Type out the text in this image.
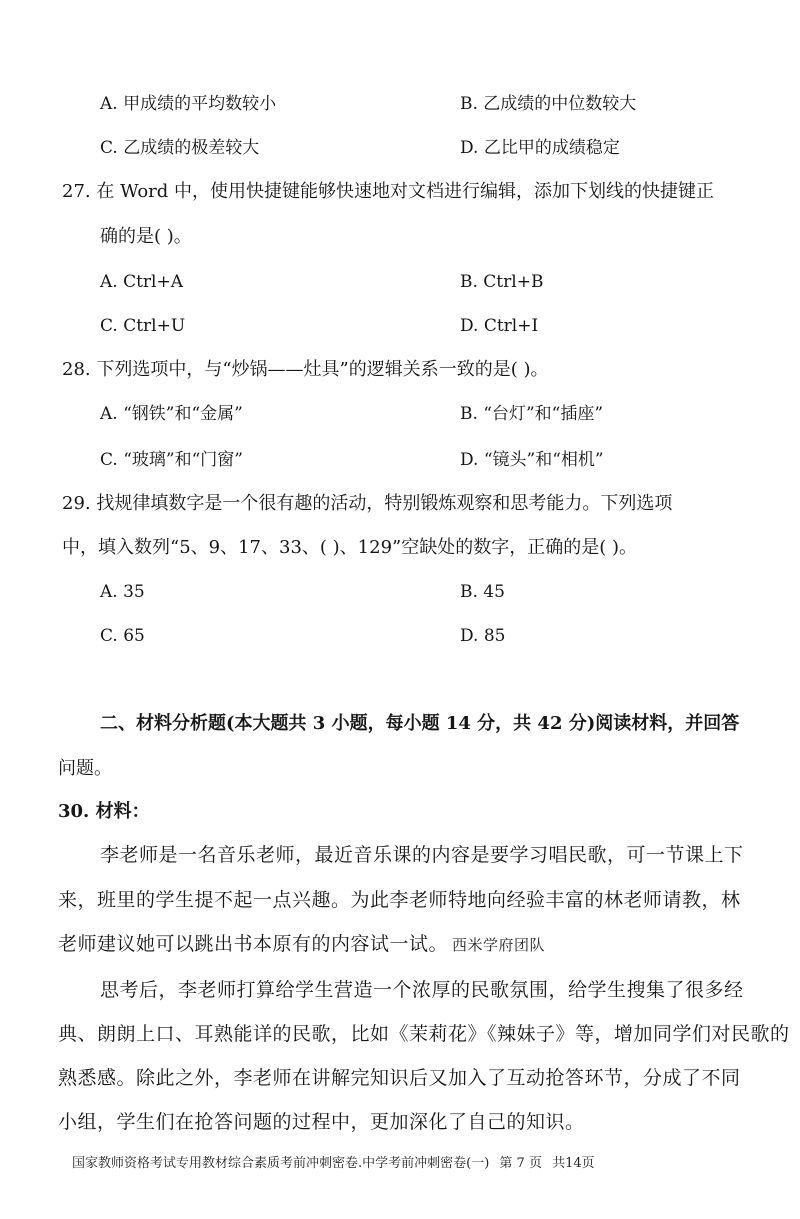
A. 甲成绩的平均数较小	B. 乙成绩的中位数较大
C. 乙成绩的极差较大	D. 乙比甲的成绩稳定
27. 在 Word 中，使用快捷键能够快速地对文档进行编辑，添加下划线的快捷键正
确的是( )。
A. Ctrl+A	B. Ctrl+B
C. Ctrl+U	D. Ctrl+I
28. 下列选项中，与“炒锅——灶具”的逻辑关系一致的是( )。
A. “钢铁”和“金属”	B. “台灯”和“插座”
C. “玻璃”和“门窗”	D. “镜头”和“相机”
29. 找规律填数字是一个很有趣的活动，特别锻炼观察和思考能力。下列选项
中，填入数列“5、9、17、33、( )、129”空缺处的数字，正确的是( )。
A. 35	B. 45
C. 65	D. 85
二、材料分析题(本大题共 3 小题，每小题 14 分，共 42 分)阅读材料，并回答
问题。
30. 材料：
李老师是一名音乐老师，最近音乐课的内容是要学习唱民歌，可一节课上下
来，班里的学生提不起一点兴趣。为此李老师特地向经验丰富的林老师请教，林
老师建议她可以跳出书本原有的内容试一试。 西米学府团队
思考后，李老师打算给学生营造一个浓厚的民歌氛围，给学生搜集了很多经
典、朗朗上口、耳熟能详的民歌，比如《茉莉花》《辣妹子》等，增加同学们对民歌的
熟悉感。除此之外，李老师在讲解完知识后又加入了互动抢答环节，分成了不同
小组，学生们在抢答问题的过程中，更加深化了自己的知识。
国家教师资格考试专用教材综合素质考前冲刺密卷.中学考前冲刺密卷(一) 第 7 页 共14页
